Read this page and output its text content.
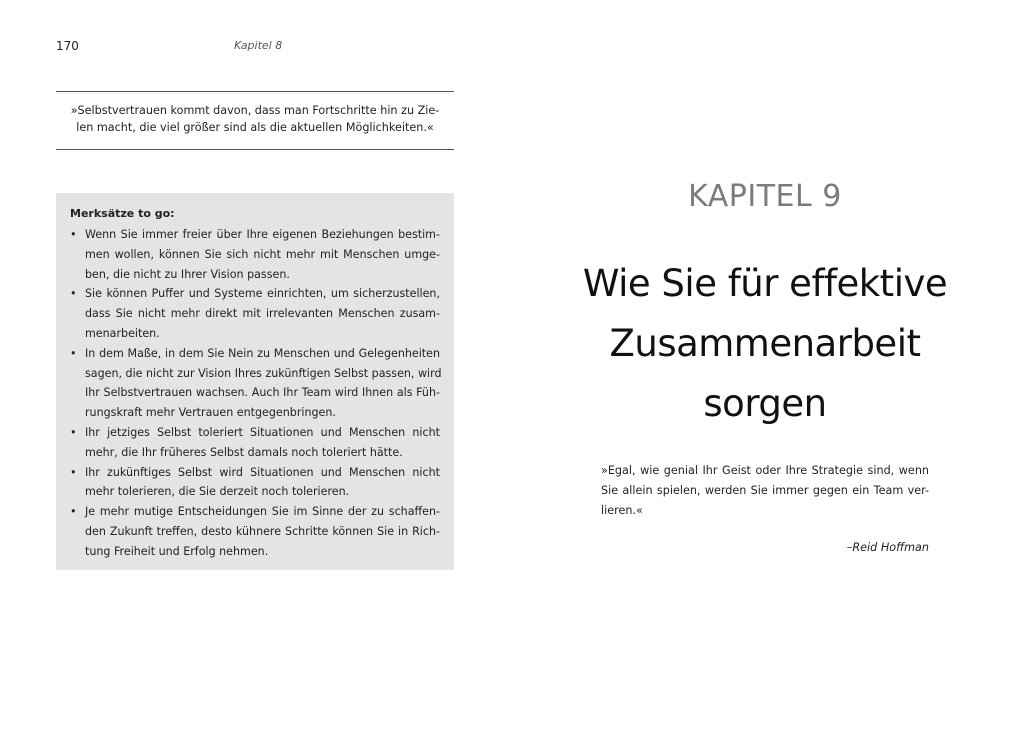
170	Kapitel 8
»Selbstvertrauen kommt davon, dass man Fortschritte hin zu Zie-
len macht, die viel größer sind als die aktuellen Möglichkeiten.«
Merksätze to go:
• Wenn Sie immer freier über Ihre eigenen Beziehungen bestim-
men wollen, können Sie sich nicht mehr mit Menschen umge-
ben, die nicht zu Ihrer Vision passen.
• Sie können Puffer und Systeme einrichten, um sicherzustellen,
dass Sie nicht mehr direkt mit irrelevanten Menschen zusam-
menarbeiten.
• In dem Maße, in dem Sie Nein zu Menschen und Gelegenheiten
sagen, die nicht zur Vision Ihres zukünftigen Selbst passen, wird
Ihr Selbstvertrauen wachsen. Auch Ihr Team wird Ihnen als Füh-
rungskraft mehr Vertrauen entgegenbringen.
• Ihr jetziges Selbst toleriert Situationen und Menschen nicht
mehr, die Ihr früheres Selbst damals noch toleriert hätte.
• Ihr zukünftiges Selbst wird Situationen und Menschen nicht
mehr tolerieren, die Sie derzeit noch tolerieren.
• Je mehr mutige Entscheidungen Sie im Sinne der zu schaffen-
den Zukunft treffen, desto kühnere Schritte können Sie in Rich-
tung Freiheit und Erfolg nehmen.
KAPITEL 9
Wie Sie für effektive
Zusammenarbeit
sorgen
»Egal, wie genial Ihr Geist oder Ihre Strategie sind, wenn
Sie allein spielen, werden Sie immer gegen ein Team ver-
lieren.«
–Reid Hoffman
